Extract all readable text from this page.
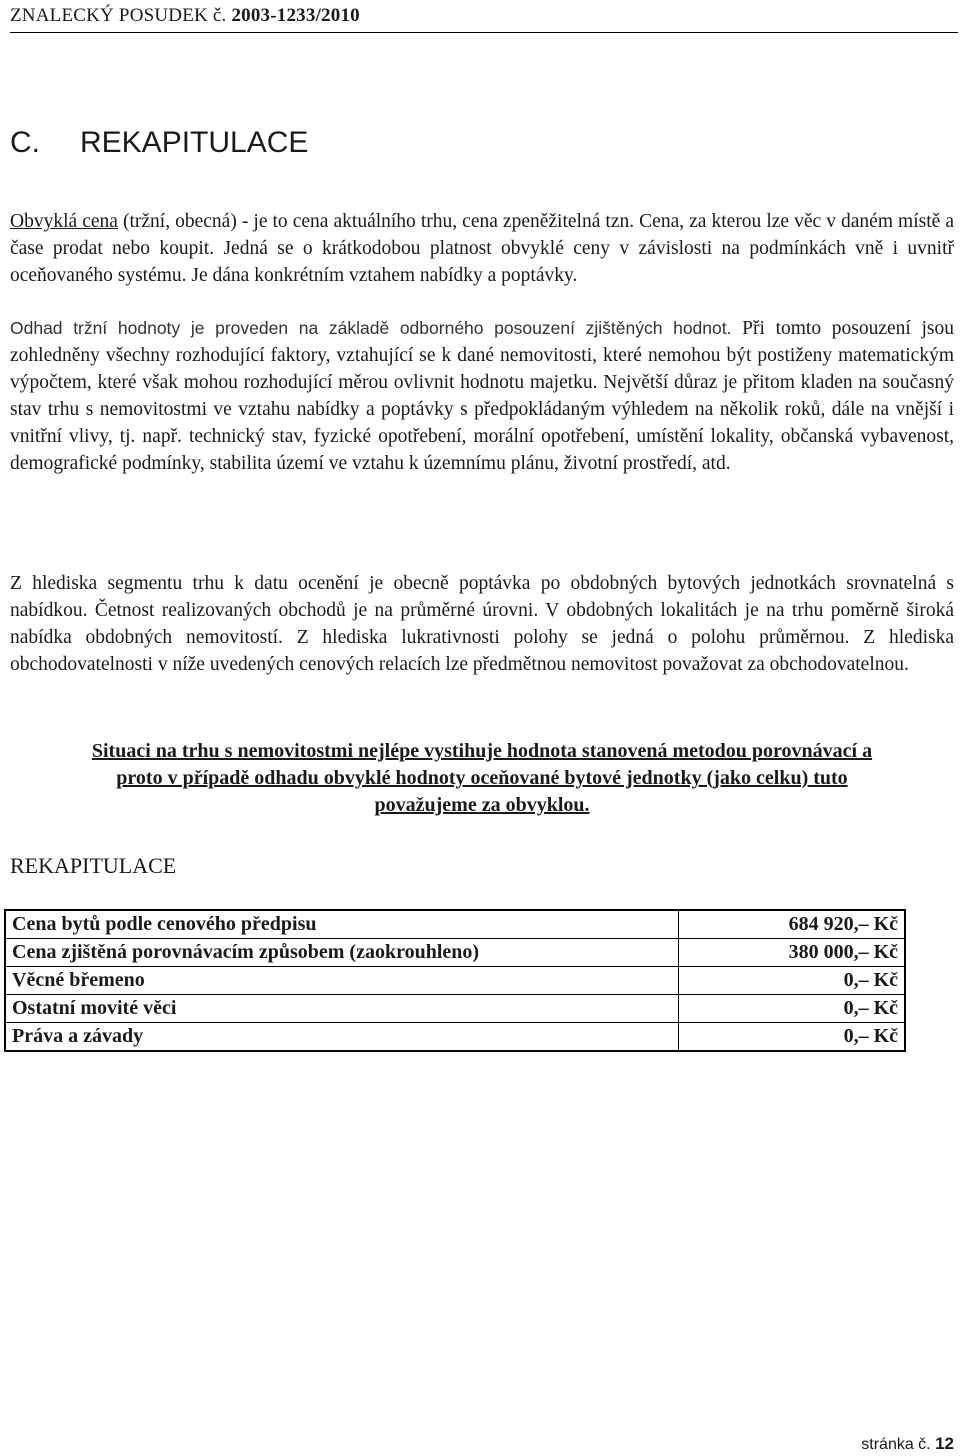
ZNALECKÝ POSUDEK č. 2003-1233/2010
C. REKAPITULACE
Obvyklá cena (tržní, obecná) - je to cena aktuálního trhu, cena zpeněžitelná tzn. Cena, za kterou lze věc v daném místě a čase prodat nebo koupit. Jedná se o krátkodobou platnost obvyklé ceny v závislosti na podmínkách vně i uvnitř oceňovaného systému. Je dána konkrétním vztahem nabídky a poptávky.
Odhad tržní hodnoty je proveden na základě odborného posouzení zjištěných hodnot. Při tomto posouzení jsou zohledněny všechny rozhodující faktory, vztahující se k dané nemovitosti, které nemohou být postiženy matematickým výpočtem, které však mohou rozhodující měrou ovlivnit hodnotu majetku. Největší důraz je přitom kladen na současný stav trhu s nemovitostmi ve vztahu nabídky a poptávky s předpokládaným výhledem na několik roků, dále na vnější i vnitřní vlivy, tj. např. technický stav, fyzické opotřebení, morální opotřebení, umístění lokality, občanská vybavenost, demografické podmínky, stabilita území ve vztahu k územnímu plánu, životní prostředí, atd.
Z hlediska segmentu trhu k datu ocenění je obecně poptávka po obdobných bytových jednotkách srovnatelná s nabídkou. Četnost realizovaných obchodů je na průměrné úrovni. V obdobných lokalitách je na trhu poměrně široká nabídka obdobných nemovitostí. Z hlediska lukrativnosti polohy se jedná o polohu průměrnou. Z hlediska obchodovatelnosti v níže uvedených cenových relacích lze předmětnou nemovitost považovat za obchodovatelnou.
Situaci na trhu s nemovitostmi nejlépe vystihuje hodnota stanovená metodou porovnávací a
proto v případě odhadu obvyklé hodnoty oceňované bytové jednotky (jako celku) tuto
považujeme za obvyklou.
REKAPITULACE
Cena bytů podle cenového předpisu	684 920,– Kč
Cena zjištěná porovnávacím způsobem (zaokrouhleno)	380 000,– Kč
Věcné břemeno	0,– Kč
Ostatní movité věci	0,– Kč
Práva a závady	0,– Kč
stránka č. 12
